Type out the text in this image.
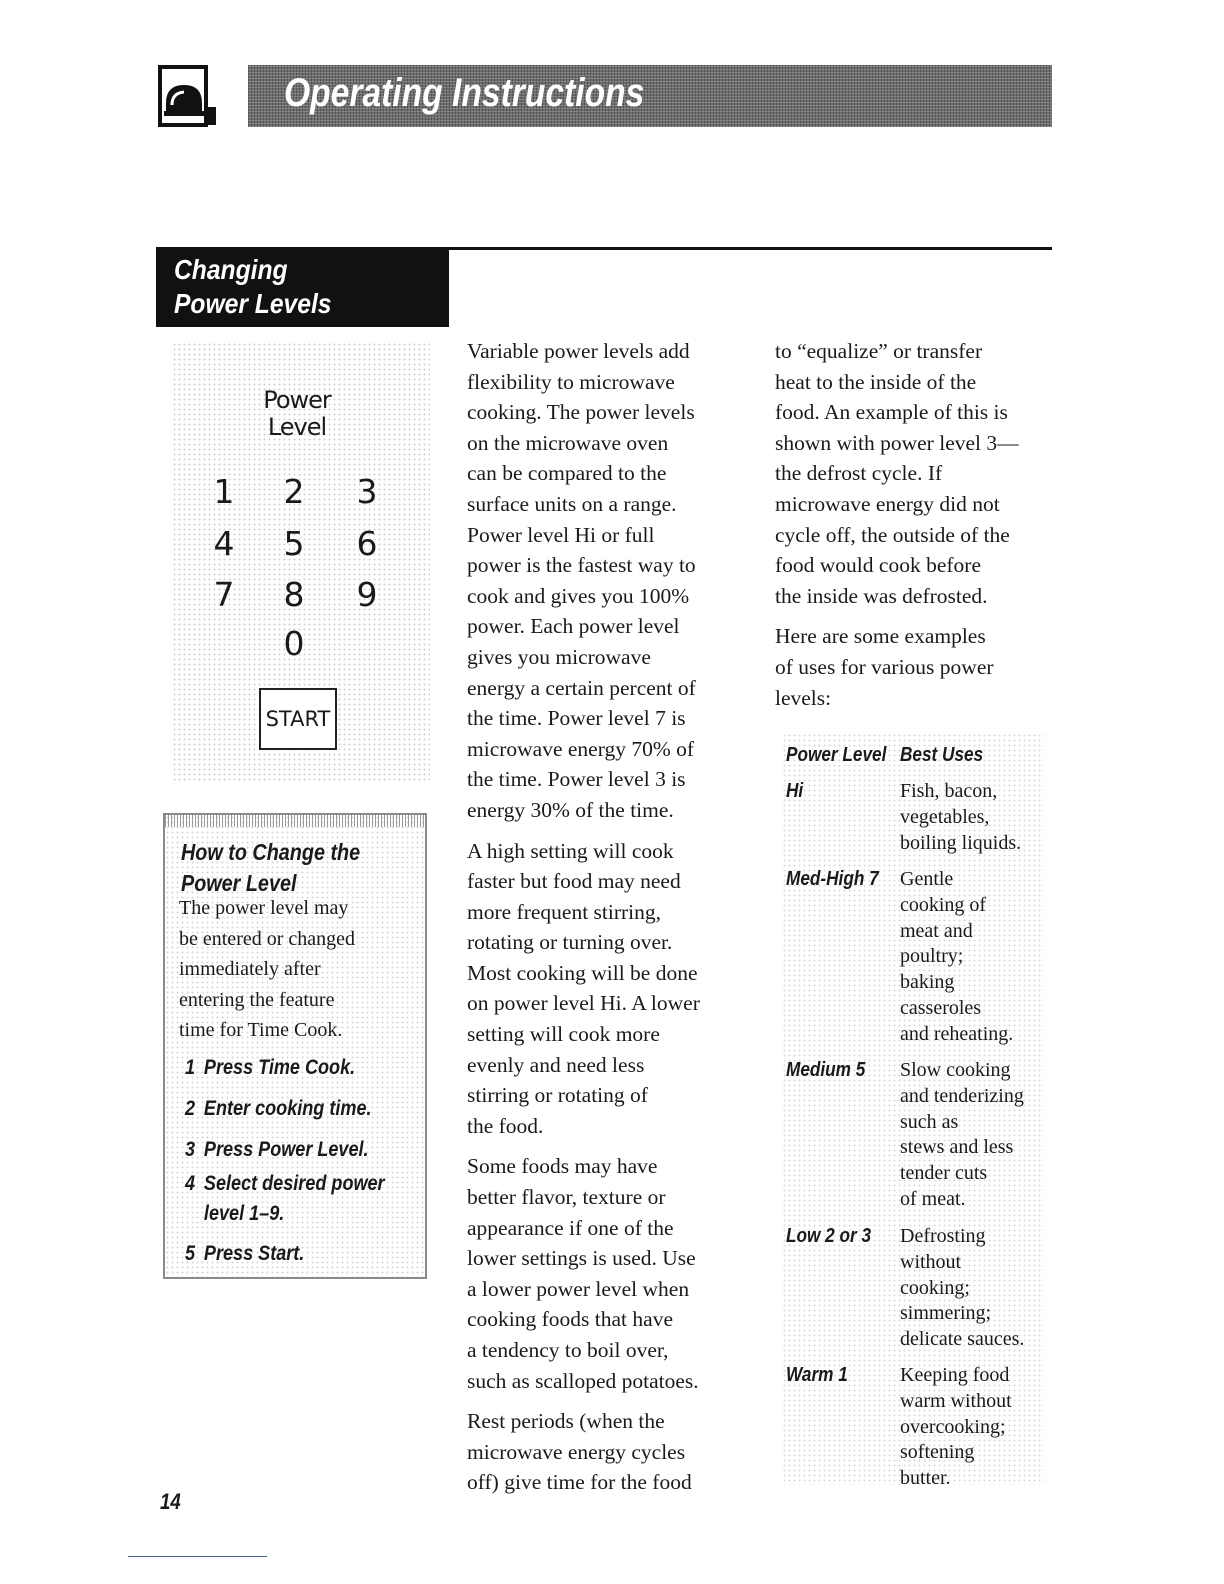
Operating Instructions
Changing
Power Levels
Power
Level
1 2 3
4 5 6
7 8 9
0
START
How to Change the
Power Level
The power level may
be entered or changed
immediately after
entering the feature
time for Time Cook.
1 Press Time Cook.
2 Enter cooking time.
3 Press Power Level.
4 Select desired power
level 1–9.
5 Press Start.

Variable power levels add
flexibility to microwave
cooking. The power levels
on the microwave oven
can be compared to the
surface units on a range.
Power level Hi or full
power is the fastest way to
cook and gives you 100%
power. Each power level
gives you microwave
energy a certain percent of
the time. Power level 7 is
microwave energy 70% of
the time. Power level 3 is
energy 30% of the time.

A high setting will cook
faster but food may need
more frequent stirring,
rotating or turning over.
Most cooking will be done
on power level Hi. A lower
setting will cook more
evenly and need less
stirring or rotating of
the food.

Some foods may have
better flavor, texture or
appearance if one of the
lower settings is used. Use
a lower power level when
cooking foods that have
a tendency to boil over,
such as scalloped potatoes.

Rest periods (when the
microwave energy cycles
off) give time for the food

to “equalize” or transfer
heat to the inside of the
food. An example of this is
shown with power level 3—
the defrost cycle. If
microwave energy did not
cycle off, the outside of the
food would cook before
the inside was defrosted.

Here are some examples
of uses for various power
levels:

Power Level Best Uses
Hi	Fish, bacon,
vegetables,
boiling liquids.
Med-High 7 Gentle
cooking of
meat and
poultry;
baking
casseroles
and reheating.
Medium 5 Slow cooking
and tenderizing
such as
stews and less
tender cuts
of meat.
Low 2 or 3 Defrosting
without
cooking;
simmering;
delicate sauces.
Warm 1	Keeping food
warm without
overcooking;
softening
butter.
14
